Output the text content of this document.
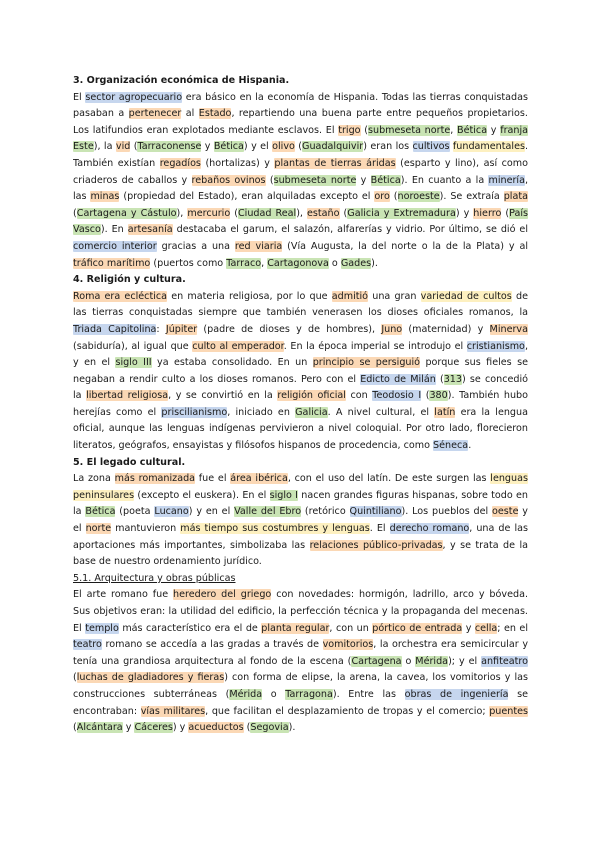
3. Organización económica de Hispania.
El sector agropecuario era básico en la economía de Hispania. Todas las tierras conquistadas
pasaban a pertenecer al Estado, repartiendo una buena parte entre pequeños propietarios.
Los latifundios eran explotados mediante esclavos. El trigo (submeseta norte, Bética y franja
Este), la vid (Tarraconense y Bética) y el olivo (Guadalquivir) eran los cultivos fundamentales.
También existían regadíos (hortalizas) y plantas de tierras áridas (esparto y lino), así como
criaderos de caballos y rebaños ovinos (submeseta norte y Bética). En cuanto a la minería,
las minas (propiedad del Estado), eran alquiladas excepto el oro (noroeste). Se extraía plata
(Cartagena y Cástulo), mercurio (Ciudad Real), estaño (Galicia y Extremadura) y hierro (País
Vasco). En artesanía destacaba el garum, el salazón, alfarerías y vidrio. Por último, se dió el
comercio interior gracias a una red viaria (Vía Augusta, la del norte o la de la Plata) y al
tráfico marítimo (puertos como Tarraco, Cartagonova o Gades).
4. Religión y cultura.
Roma era ecléctica en materia religiosa, por lo que admitió una gran variedad de cultos de
las tierras conquistadas siempre que también venerasen los dioses oficiales romanos, la
Triada Capitolina: Júpiter (padre de dioses y de hombres), Juno (maternidad) y Minerva
(sabiduría), al igual que culto al emperador. En la época imperial se introdujo el cristianismo,
y en el siglo III ya estaba consolidado. En un principio se persiguió porque sus fieles se
negaban a rendir culto a los dioses romanos. Pero con el Edicto de Milán (313) se concedió
la libertad religiosa, y se convirtió en la religión oficial con Teodosio I (380). También hubo
herejías como el priscilianismo, iniciado en Galicia. A nivel cultural, el latín era la lengua
oficial, aunque las lenguas indígenas pervivieron a nivel coloquial. Por otro lado, florecieron
literatos, geógrafos, ensayistas y filósofos hispanos de procedencia, como Séneca.
5. El legado cultural.
La zona más romanizada fue el área ibérica, con el uso del latín. De este surgen las lenguas
peninsulares (excepto el euskera). En el siglo I nacen grandes figuras hispanas, sobre todo en
la Bética (poeta Lucano) y en el Valle del Ebro (retórico Quintiliano). Los pueblos del oeste y
el norte mantuvieron más tiempo sus costumbres y lenguas. El derecho romano, una de las
aportaciones más importantes, simbolizaba las relaciones público-privadas, y se trata de la
base de nuestro ordenamiento jurídico.
5.1. Arquitectura y obras públicas
El arte romano fue heredero del griego con novedades: hormigón, ladrillo, arco y bóveda.
Sus objetivos eran: la utilidad del edificio, la perfección técnica y la propaganda del mecenas.
El templo más característico era el de planta regular, con un pórtico de entrada y cella; en el
teatro romano se accedía a las gradas a través de vomitorios, la orchestra era semicircular y
tenía una grandiosa arquitectura al fondo de la escena (Cartagena o Mérida); y el anfiteatro
(luchas de gladiadores y fieras) con forma de elipse, la arena, la cavea, los vomitorios y las
construcciones subterráneas (Mérida o Tarragona). Entre las obras de ingeniería se
encontraban: vías militares, que facilitan el desplazamiento de tropas y el comercio; puentes
(Alcántara y Cáceres) y acueductos (Segovia).
